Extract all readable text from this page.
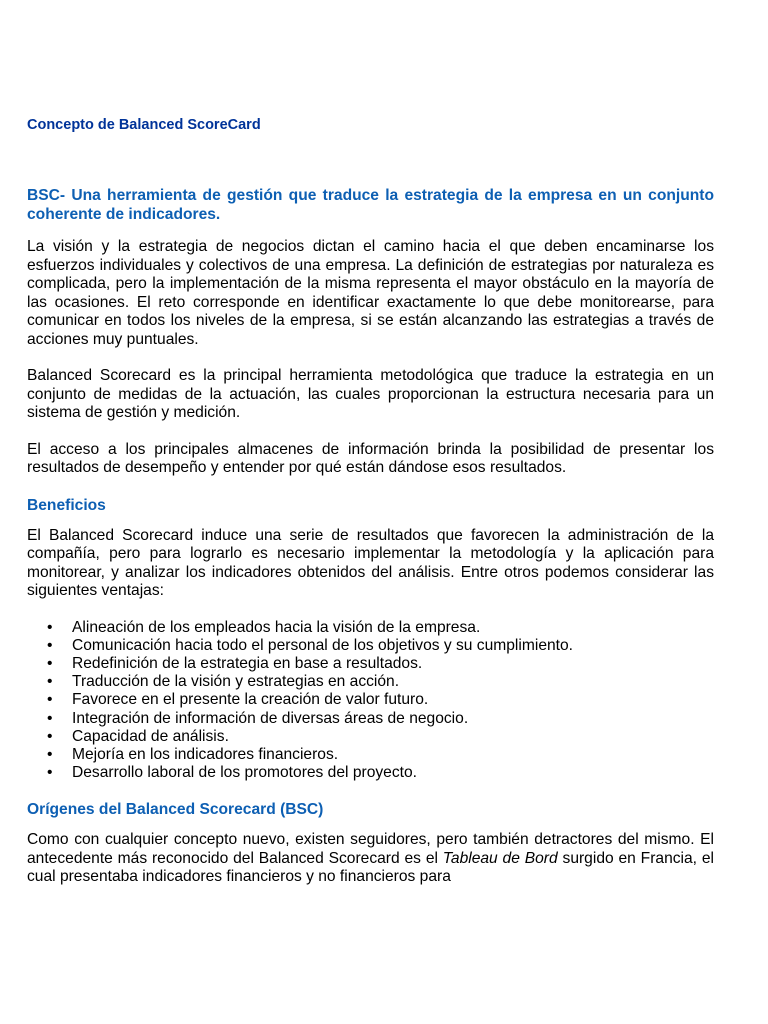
Concepto de Balanced ScoreCard
BSC- Una herramienta de gestión que traduce la estrategia de la empresa en un conjunto coherente de indicadores.

La visión y la estrategia de negocios dictan el camino hacia el que deben encaminarse los esfuerzos individuales y colectivos de una empresa. La definición de estrategias por naturaleza es complicada, pero la implementación de la misma representa el mayor obstáculo en la mayoría de las ocasiones. El reto corresponde en identificar exactamente lo que debe monitorearse, para comunicar en todos los niveles de la empresa, si se están alcanzando las estrategias a través de acciones muy puntuales.

Balanced Scorecard es la principal herramienta metodológica que traduce la estrategia en un conjunto de medidas de la actuación, las cuales proporcionan la estructura necesaria para un sistema de gestión y medición.

El acceso a los principales almacenes de información brinda la posibilidad de presentar los resultados de desempeño y entender por qué están dándose esos resultados.

Beneficios

El Balanced Scorecard induce una serie de resultados que favorecen la administración de la compañía, pero para lograrlo es necesario implementar la metodología y la aplicación para monitorear, y analizar los indicadores obtenidos del análisis. Entre otros podemos considerar las siguientes ventajas:

• Alineación de los empleados hacia la visión de la empresa.
• Comunicación hacia todo el personal de los objetivos y su cumplimiento.
• Redefinición de la estrategia en base a resultados.
• Traducción de la visión y estrategias en acción.
• Favorece en el presente la creación de valor futuro.
• Integración de información de diversas áreas de negocio.
• Capacidad de análisis.
• Mejoría en los indicadores financieros.
• Desarrollo laboral de los promotores del proyecto.
Orígenes del Balanced Scorecard (BSC)

Como con cualquier concepto nuevo, existen seguidores, pero también detractores del mismo. El antecedente más reconocido del Balanced Scorecard es el Tableau de Bord surgido en Francia, el cual presentaba indicadores financieros y no financieros para
